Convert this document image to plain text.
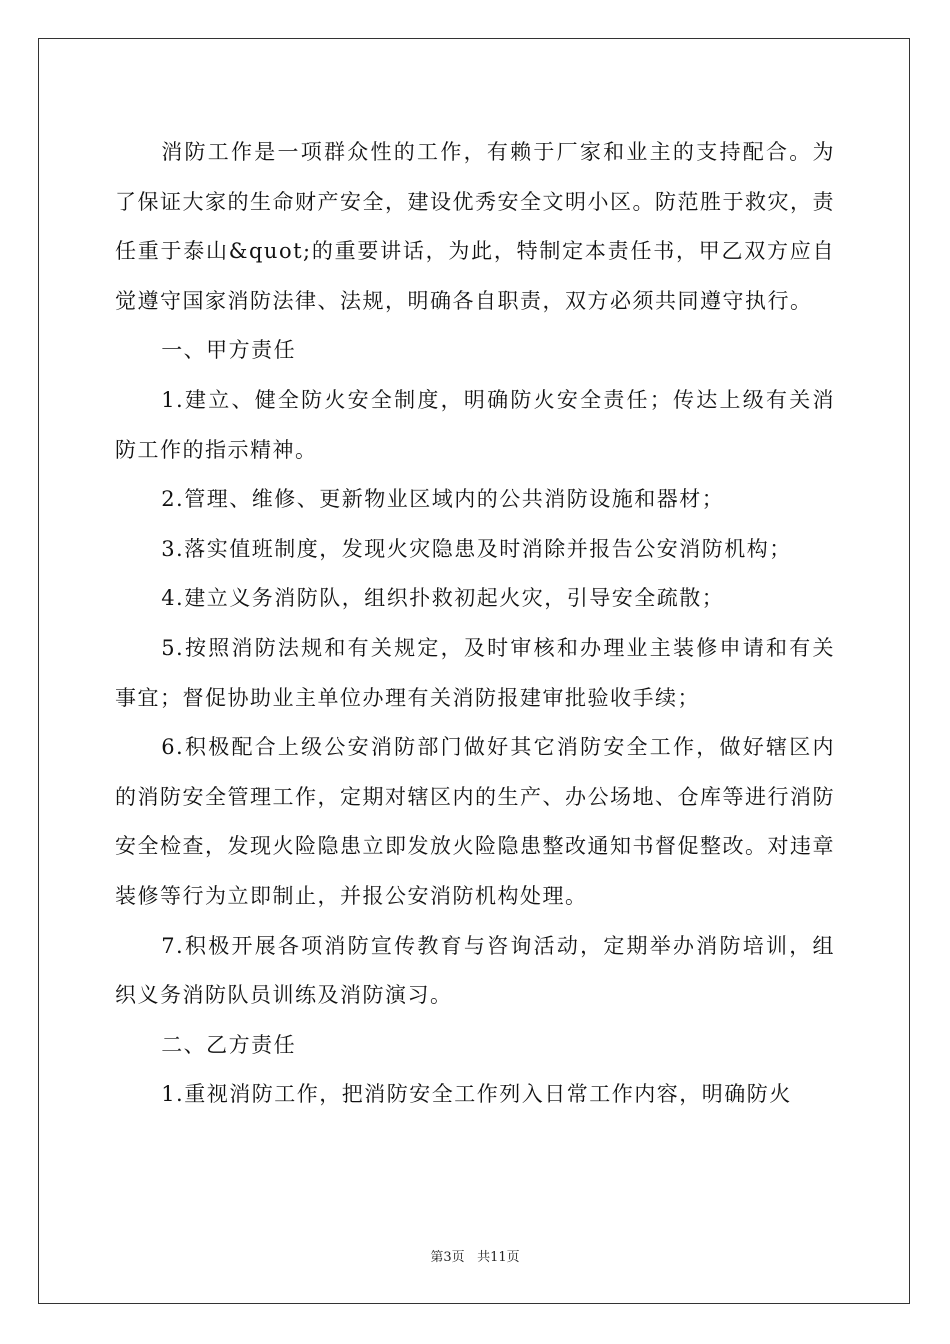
消防工作是一项群众性的工作，有赖于厂家和业主的支持配合。为了保证大家的生命财产安全，建设优秀安全文明小区。防范胜于救灾，责任重于泰山&quot;的重要讲话，为此，特制定本责任书，甲乙双方应自觉遵守国家消防法律、法规，明确各自职责，双方必须共同遵守执行。

一、甲方责任

1.建立、健全防火安全制度，明确防火安全责任；传达上级有关消防工作的指示精神。

2.管理、维修、更新物业区域内的公共消防设施和器材；

3.落实值班制度，发现火灾隐患及时消除并报告公安消防机构；

4.建立义务消防队，组织扑救初起火灾，引导安全疏散；

5.按照消防法规和有关规定，及时审核和办理业主装修申请和有关事宜；督促协助业主单位办理有关消防报建审批验收手续；

6.积极配合上级公安消防部门做好其它消防安全工作，做好辖区内的消防安全管理工作，定期对辖区内的生产、办公场地、仓库等进行消防安全检查，发现火险隐患立即发放火险隐患整改通知书督促整改。对违章装修等行为立即制止，并报公安消防机构处理。

7.积极开展各项消防宣传教育与咨询活动，定期举办消防培训，组织义务消防队员训练及消防演习。

二、乙方责任

1.重视消防工作，把消防安全工作列入日常工作内容，明确防火

第3页 共11页
